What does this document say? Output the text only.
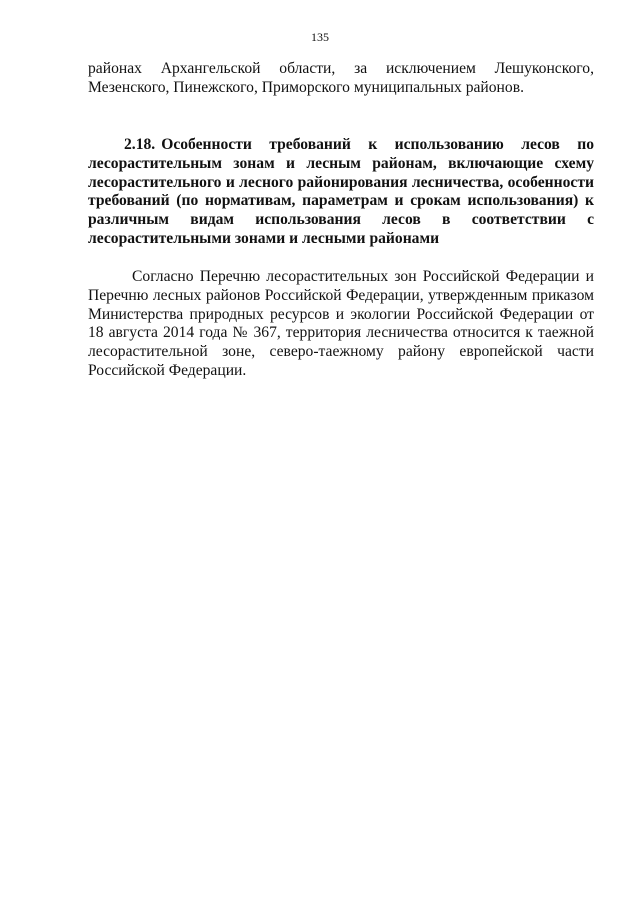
135

районах Архангельской области, за исключением Лешуконского, Мезенского, Пинежского, Приморского муниципальных районов.

2.18. Особенности требований к использованию лесов по лесорастительным зонам и лесным районам, включающие схему лесорастительного и лесного районирования лесничества, особенности требований (по нормативам, параметрам и срокам использования) к различным видам использования лесов в соответствии с лесорастительными зонами и лесными районами

Согласно Перечню лесорастительных зон Российской Федерации и Перечню лесных районов Российской Федерации, утвержденным приказом Министерства природных ресурсов и экологии Российской Федерации от 18 августа 2014 года № 367, территория лесничества относится к таежной лесорастительной зоне, северо-таежному району европейской части Российской Федерации.
